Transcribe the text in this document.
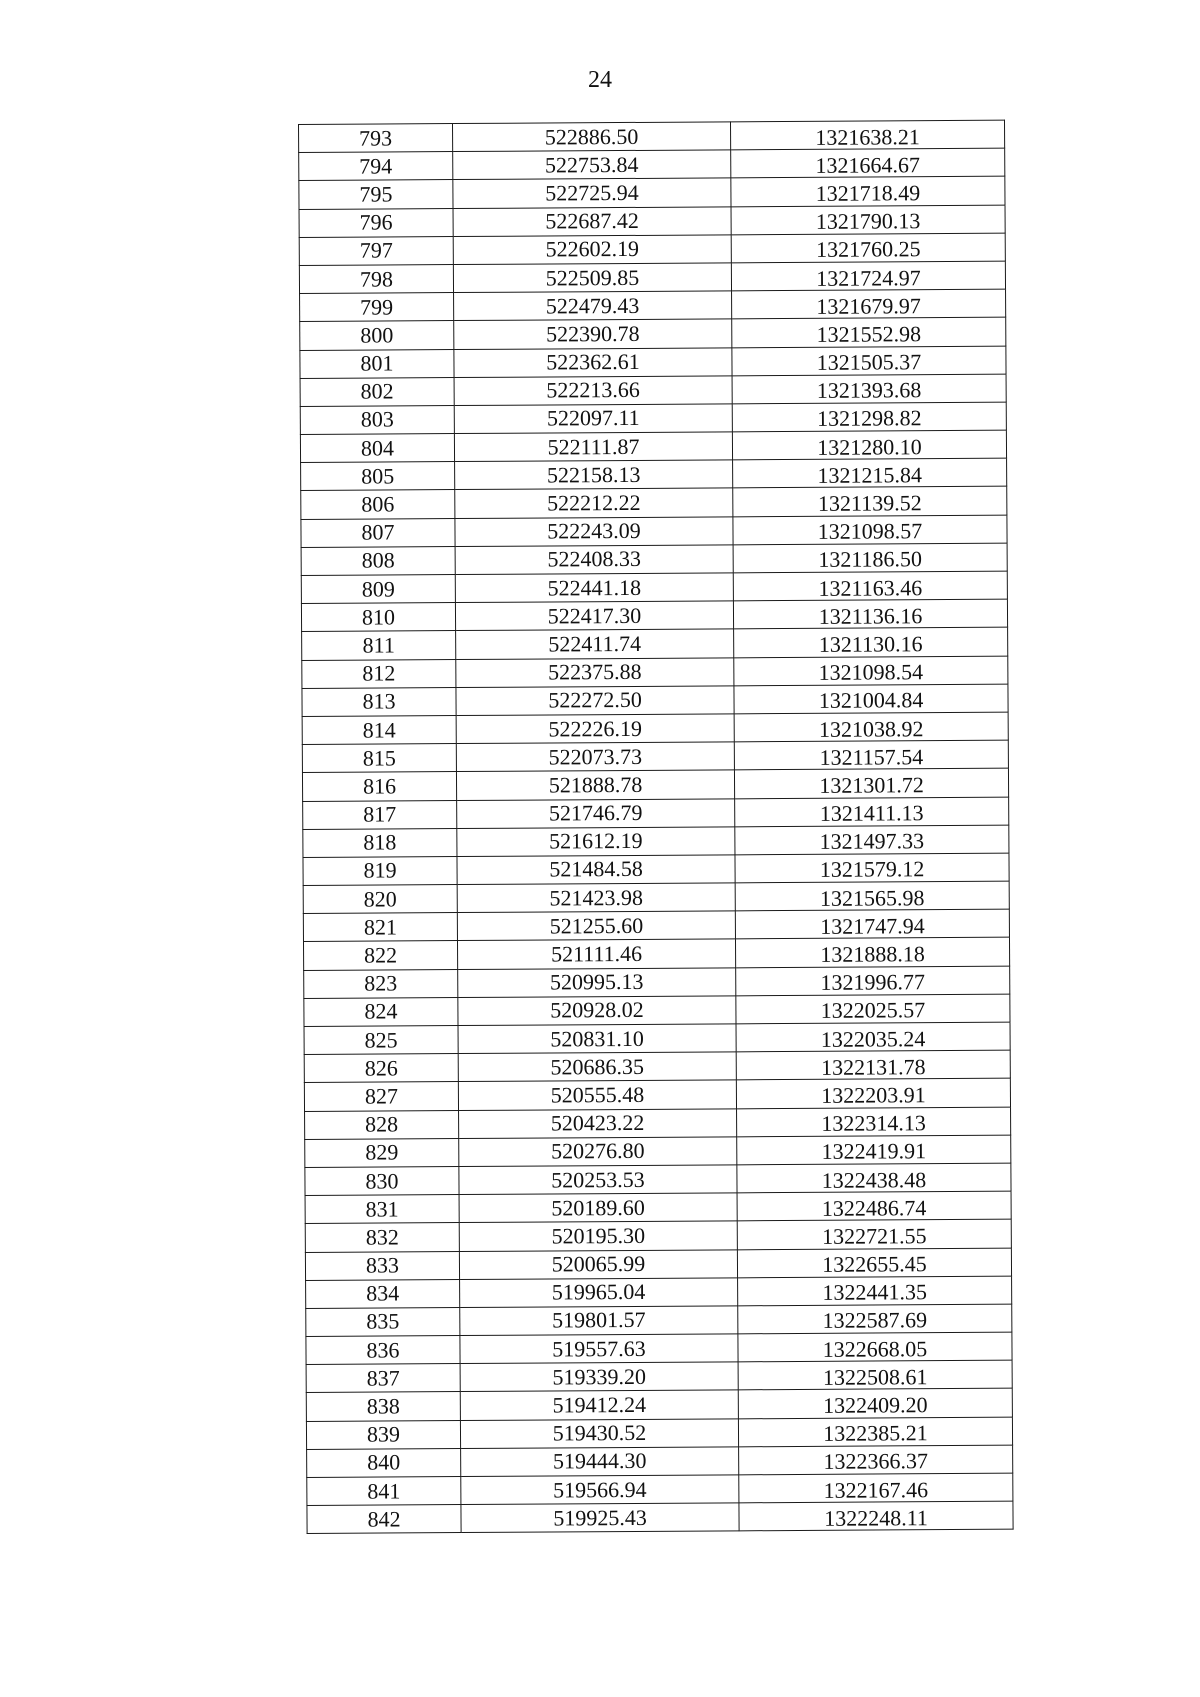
24
793	522886.50	1321638.21
794	522753.84	1321664.67
795	522725.94	1321718.49
796	522687.42	1321790.13
797	522602.19	1321760.25
798	522509.85	1321724.97
799	522479.43	1321679.97
800	522390.78	1321552.98
801	522362.61	1321505.37
802	522213.66	1321393.68
803	522097.11	1321298.82
804	522111.87	1321280.10
805	522158.13	1321215.84
806	522212.22	1321139.52
807	522243.09	1321098.57
808	522408.33	1321186.50
809	522441.18	1321163.46
810	522417.30	1321136.16
811	522411.74	1321130.16
812	522375.88	1321098.54
813	522272.50	1321004.84
814	522226.19	1321038.92
815	522073.73	1321157.54
816	521888.78	1321301.72
817	521746.79	1321411.13
818	521612.19	1321497.33
819	521484.58	1321579.12
820	521423.98	1321565.98
821	521255.60	1321747.94
822	521111.46	1321888.18
823	520995.13	1321996.77
824	520928.02	1322025.57
825	520831.10	1322035.24
826	520686.35	1322131.78
827	520555.48	1322203.91
828	520423.22	1322314.13
829	520276.80	1322419.91
830	520253.53	1322438.48
831	520189.60	1322486.74
832	520195.30	1322721.55
833	520065.99	1322655.45
834	519965.04	1322441.35
835	519801.57	1322587.69
836	519557.63	1322668.05
837	519339.20	1322508.61
838	519412.24	1322409.20
839	519430.52	1322385.21
840	519444.30	1322366.37
841	519566.94	1322167.46
842	519925.43	1322248.11
